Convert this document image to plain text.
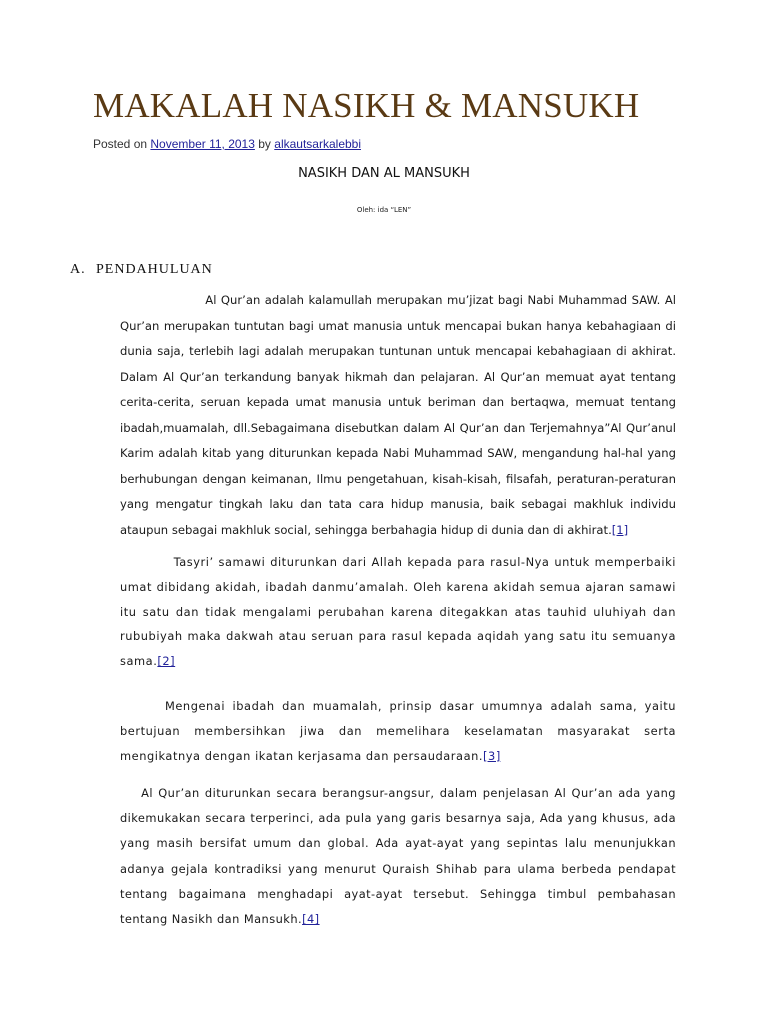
MAKALAH NASIKH & MANSUKH
Posted on November 11, 2013 by alkautsarkalebbi
NASIKH DAN AL MANSUKH
Oleh: ida “LEN”
A. PENDAHULUAN

Al Qur’an adalah kalamullah merupakan mu’jizat bagi Nabi Muhammad SAW. Al Qur’an merupakan tuntutan bagi umat manusia untuk mencapai bukan hanya kebahagiaan di dunia saja, terlebih lagi adalah merupakan tuntunan untuk mencapai kebahagiaan di akhirat. Dalam Al Qur’an terkandung banyak hikmah dan pelajaran. Al Qur’an memuat ayat tentang cerita-cerita, seruan kepada umat manusia untuk beriman dan bertaqwa, memuat tentang ibadah,muamalah, dll.Sebagaimana disebutkan dalam Al Qur’an dan Terjemahnya”Al Qur’anul Karim adalah kitab yang diturunkan kepada Nabi Muhammad SAW, mengandung hal-hal yang berhubungan dengan keimanan, Ilmu pengetahuan, kisah-kisah, filsafah, peraturan-peraturan yang mengatur tingkah laku dan tata cara hidup manusia, baik sebagai makhluk individu ataupun sebagai makhluk social, sehingga berbahagia hidup di dunia dan di akhirat.[1]

Tasyri’ samawi diturunkan dari Allah kepada para rasul-Nya untuk memperbaiki umat dibidang akidah, ibadah danmu’amalah. Oleh karena akidah semua ajaran samawi itu satu dan tidak mengalami perubahan karena ditegakkan atas tauhid uluhiyah dan rububiyah maka dakwah atau seruan para rasul kepada aqidah yang satu itu semuanya sama.[2]

Mengenai ibadah dan muamalah, prinsip dasar umumnya adalah sama, yaitu bertujuan membersihkan jiwa dan memelihara keselamatan masyarakat serta mengikatnya dengan ikatan kerjasama dan persaudaraan.[3]

Al Qur’an diturunkan secara berangsur-angsur, dalam penjelasan Al Qur’an ada yang dikemukakan secara terperinci, ada pula yang garis besarnya saja, Ada yang khusus, ada yang masih bersifat umum dan global. Ada ayat-ayat yang sepintas lalu menunjukkan adanya gejala kontradiksi yang menurut Quraish Shihab para ulama berbeda pendapat tentang bagaimana menghadapi ayat-ayat tersebut. Sehingga timbul pembahasan tentang Nasikh dan Mansukh.[4]
